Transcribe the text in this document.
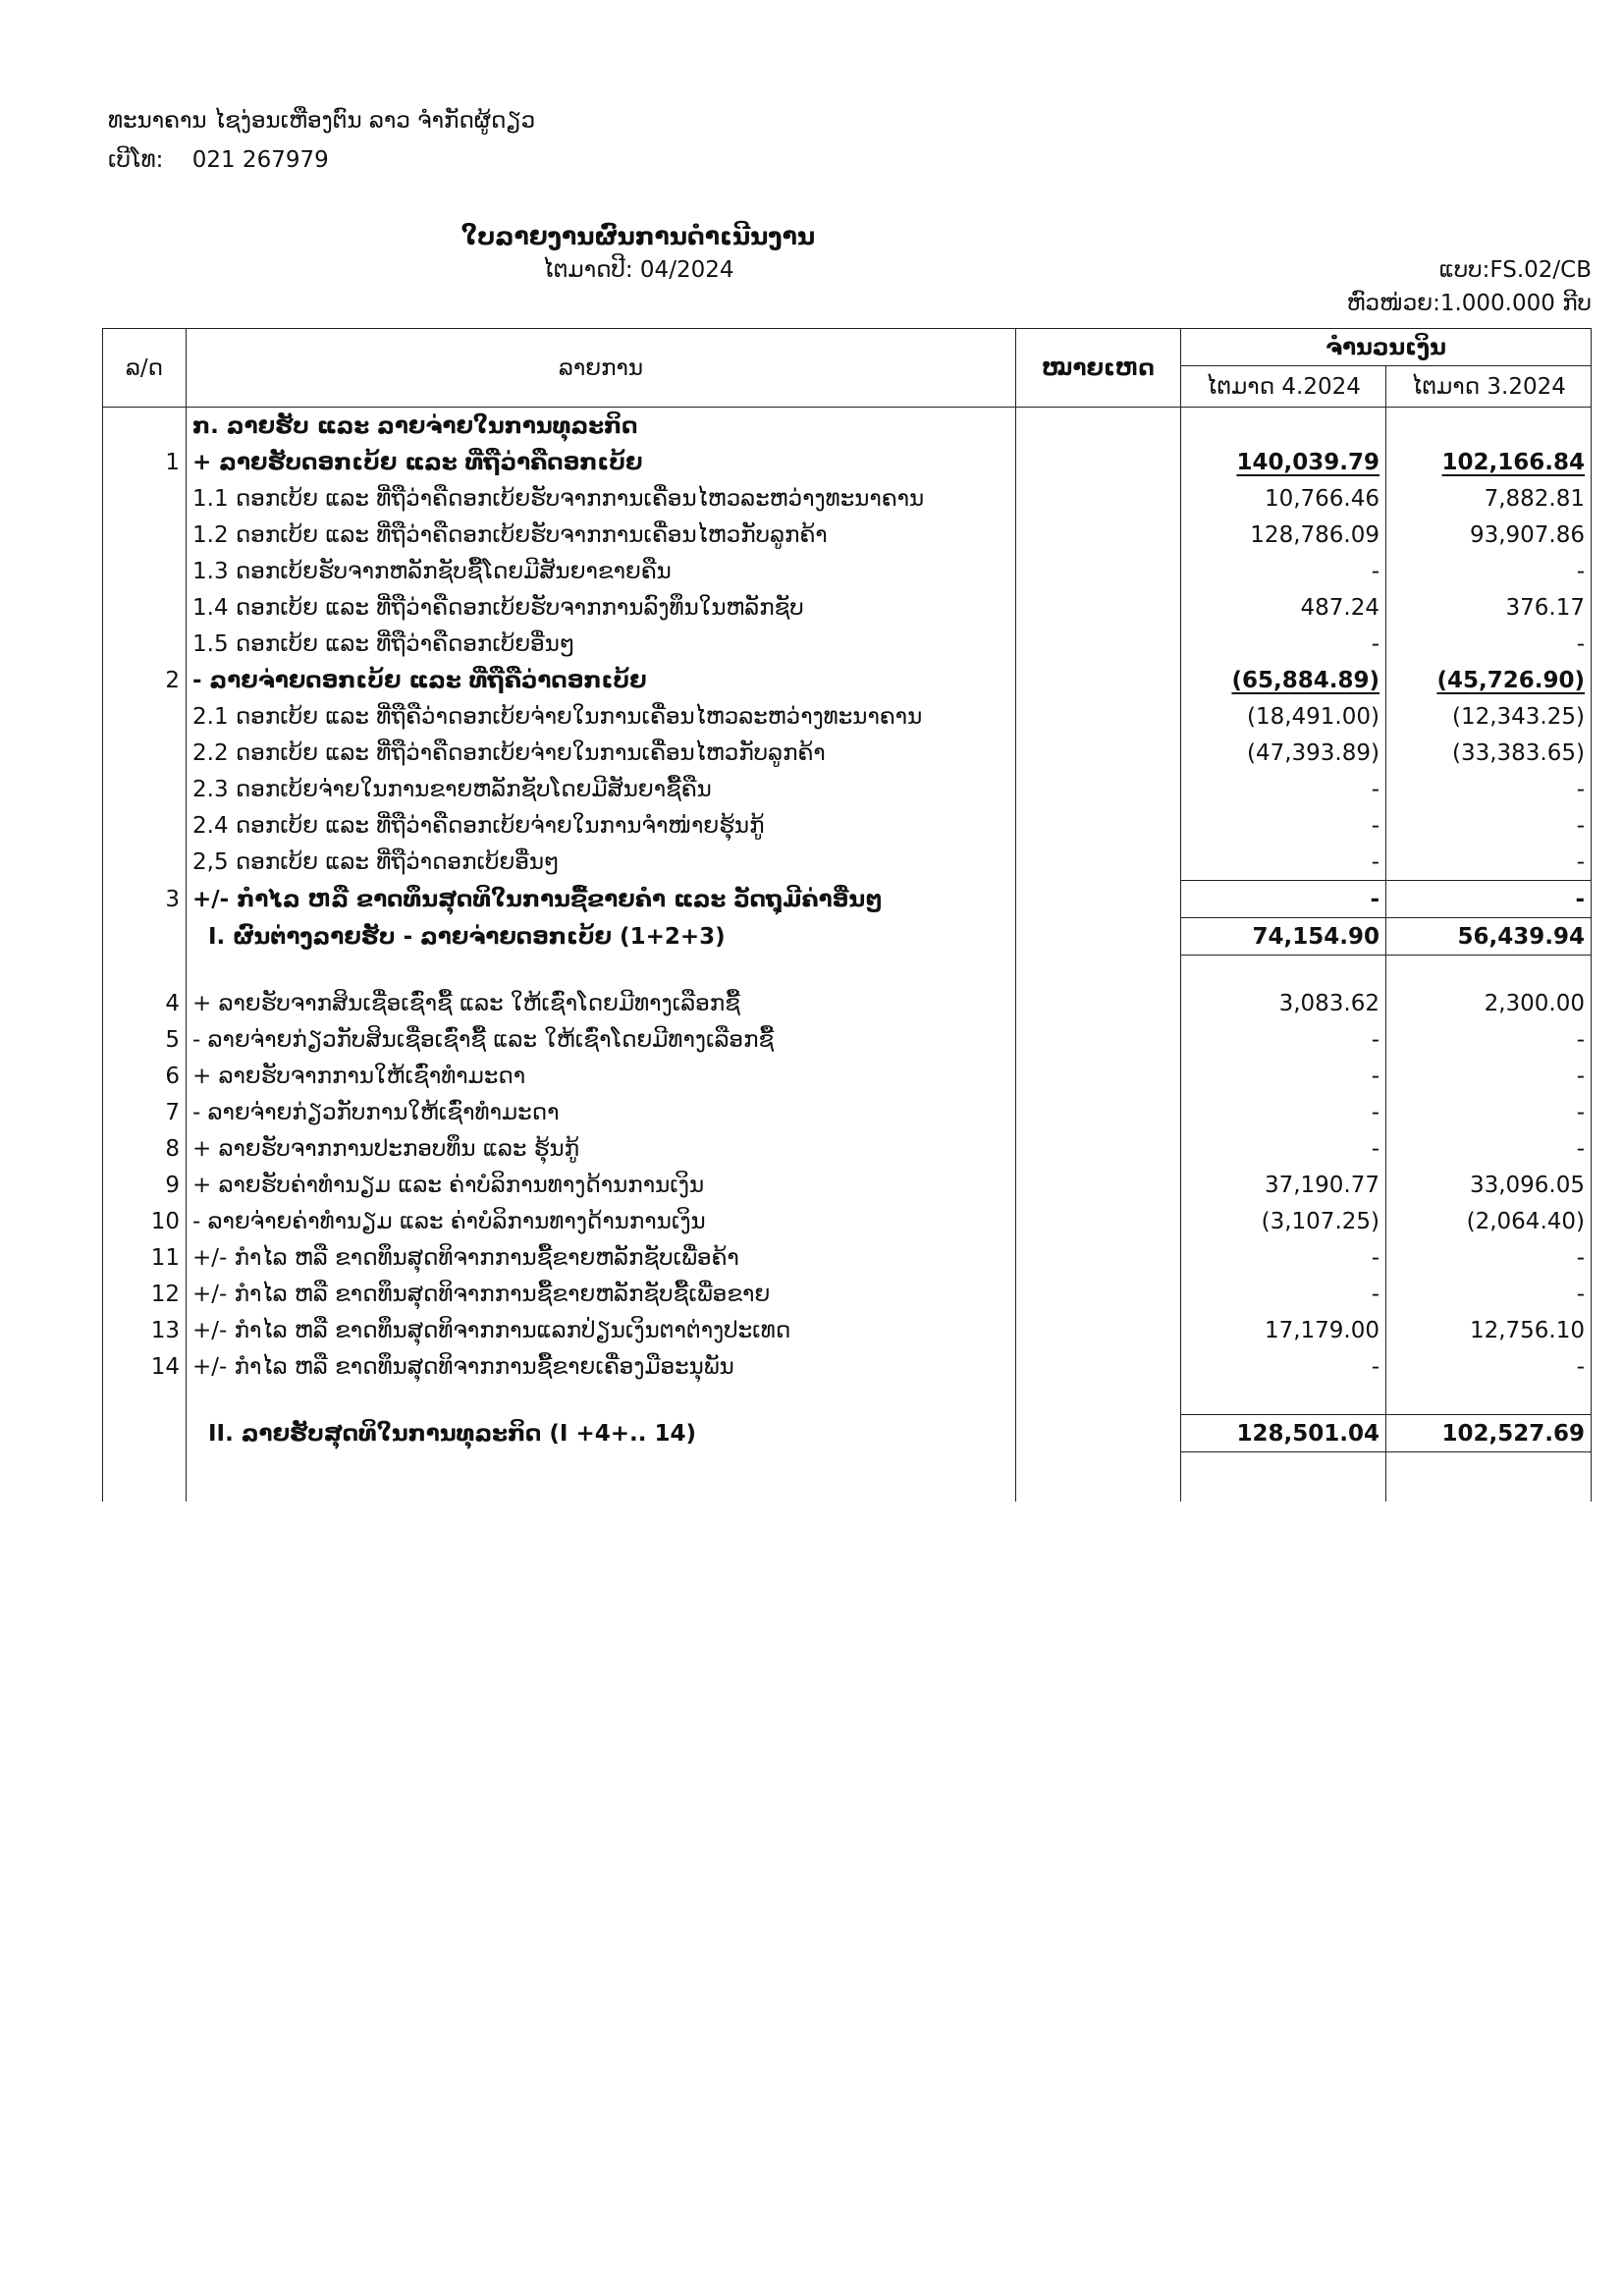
ທະນາຄານ ໄຊງ່ອນເຫືອງຕົນ ລາວ ຈຳກັດຜູ້ດຽວ
ເບີໂທ: 021 267979
ໃບລາຍງານຜົນການດຳເນີນງານ
ໄຕມາດປີ: 04/2024	ແບບ:FS.02/CB
ຫົວໜ່ວຍ:1.000.000 ກີບ
ລ/ດ	ລາຍການ	ໝາຍເຫດ	ຈຳນວນເງິນ	
			ໄຕມາດ 4.2024	ໄຕມາດ 3.2024
	ກ. ລາຍຮັບ ແລະ ລາຍຈ່າຍໃນການທຸລະກິດ			
1	+ ລາຍຮັບດອກເບ້ຍ ແລະ ທີ່ຖືວ່າຄືດອກເບ້ຍ		140,039.79	102,166.84
	1.1 ດອກເບ້ຍ ແລະ ທີ່ຖືວ່າຄືດອກເບ້ຍຮັບຈາກການເຄື່ອນໄຫວລະຫວ່າງທະນາຄານ		10,766.46	7,882.81
	1.2 ດອກເບ້ຍ ແລະ ທີ່ຖືວ່າຄືດອກເບ້ຍຮັບຈາກການເຄື່ອນໄຫວກັບລູກຄ້າ		128,786.09	93,907.86
	1.3 ດອກເບ້ຍຮັບຈາກຫລັກຊັບຊື້ໂດຍມີສັນຍາຂາຍຄືນ		-	-
	1.4 ດອກເບ້ຍ ແລະ ທີ່ຖືວ່າຄືດອກເບ້ຍຮັບຈາກການລົງທຶນໃນຫລັກຊັບ		487.24	376.17
	1.5 ດອກເບ້ຍ ແລະ ທີ່ຖືວ່າຄືດອກເບ້ຍອື່ນໆ		-	-
2	- ລາຍຈ່າຍດອກເບ້ຍ ແລະ ທີ່ຖືຄືວ່າດອກເບ້ຍ		(65,884.89)	(45,726.90)
	2.1 ດອກເບ້ຍ ແລະ ທີ່ຖືຄືວ່າດອກເບ້ຍຈ່າຍໃນການເຄື່ອນໄຫວລະຫວ່າງທະນາຄານ		(18,491.00)	(12,343.25)
	2.2 ດອກເບ້ຍ ແລະ ທີ່ຖືວ່າຄືດອກເບ້ຍຈ່າຍໃນການເຄື່ອນໄຫວກັບລູກຄ້າ		(47,393.89)	(33,383.65)
	2.3 ດອກເບ້ຍຈ່າຍໃນການຂາຍຫລັກຊັບໂດຍມີສັນຍາຊື້ຄືນ		-	-
	2.4 ດອກເບ້ຍ ແລະ ທີ່ຖືວ່າຄືດອກເບ້ຍຈ່າຍໃນການຈຳໜ່າຍຮຸ້ນກູ້		-	-
	2,5 ດອກເບ້ຍ ແລະ ທີ່ຖືວ່າດອກເບ້ຍອື່ນໆ		-	-
3	+/- ກຳໄລ ຫລື ຂາດທຶນສຸດທິໃນການຊື້ຂາຍຄຳ ແລະ ວັດຖຸມີຄ່າອື່ນໆ		-	-
	I. ຜົນຕ່າງລາຍຮັບ - ລາຍຈ່າຍດອກເບ້ຍ (1+2+3)		74,154.90	56,439.94

4	+ ລາຍຮັບຈາກສິນເຊື່ອເຊົ່າຊື້ ແລະ ໃຫ້ເຊົ່າໂດຍມີທາງເລືອກຊື້		3,083.62	2,300.00
5	- ລາຍຈ່າຍກ່ຽວກັບສິນເຊື່ອເຊົ່າຊື້ ແລະ ໃຫ້ເຊົ່າໂດຍມີທາງເລືອກຊື້		-	-
6	+ ລາຍຮັບຈາກການໃຫ້ເຊົ່າທຳມະດາ		-	-
7	- ລາຍຈ່າຍກ່ຽວກັບການໃຫ້ເຊົ່າທຳມະດາ		-	-
8	+ ລາຍຮັບຈາກການປະກອບທຶນ ແລະ ຮຸ້ນກູ້		-	-
9	+ ລາຍຮັບຄ່າທຳນຽມ ແລະ ຄ່າບໍລິການທາງດ້ານການເງິນ		37,190.77	33,096.05
10	- ລາຍຈ່າຍຄ່າທຳນຽມ ແລະ ຄ່າບໍລິການທາງດ້ານການເງິນ		(3,107.25)	(2,064.40)
11	+/- ກຳໄລ ຫລື ຂາດທຶນສຸດທິຈາກການຊື້ຂາຍຫລັກຊັບເພື່ອຄ້າ		-	-
12	+/- ກຳໄລ ຫລື ຂາດທຶນສຸດທິຈາກການຊື້ຂາຍຫລັກຊັບຊື້ເພື່ອຂາຍ		-	-
13	+/- ກຳໄລ ຫລື ຂາດທຶນສຸດທິຈາກການແລກປ່ຽນເງິນຕາຕ່າງປະເທດ		17,179.00	12,756.10
14	+/- ກຳໄລ ຫລື ຂາດທຶນສຸດທິຈາກການຊື້ຂາຍເຄື່ອງມືອະນຸພັນ		-	-

	II. ລາຍຮັບສຸດທິໃນການທຸລະກິດ (I +4+.. 14)		128,501.04	102,527.69
